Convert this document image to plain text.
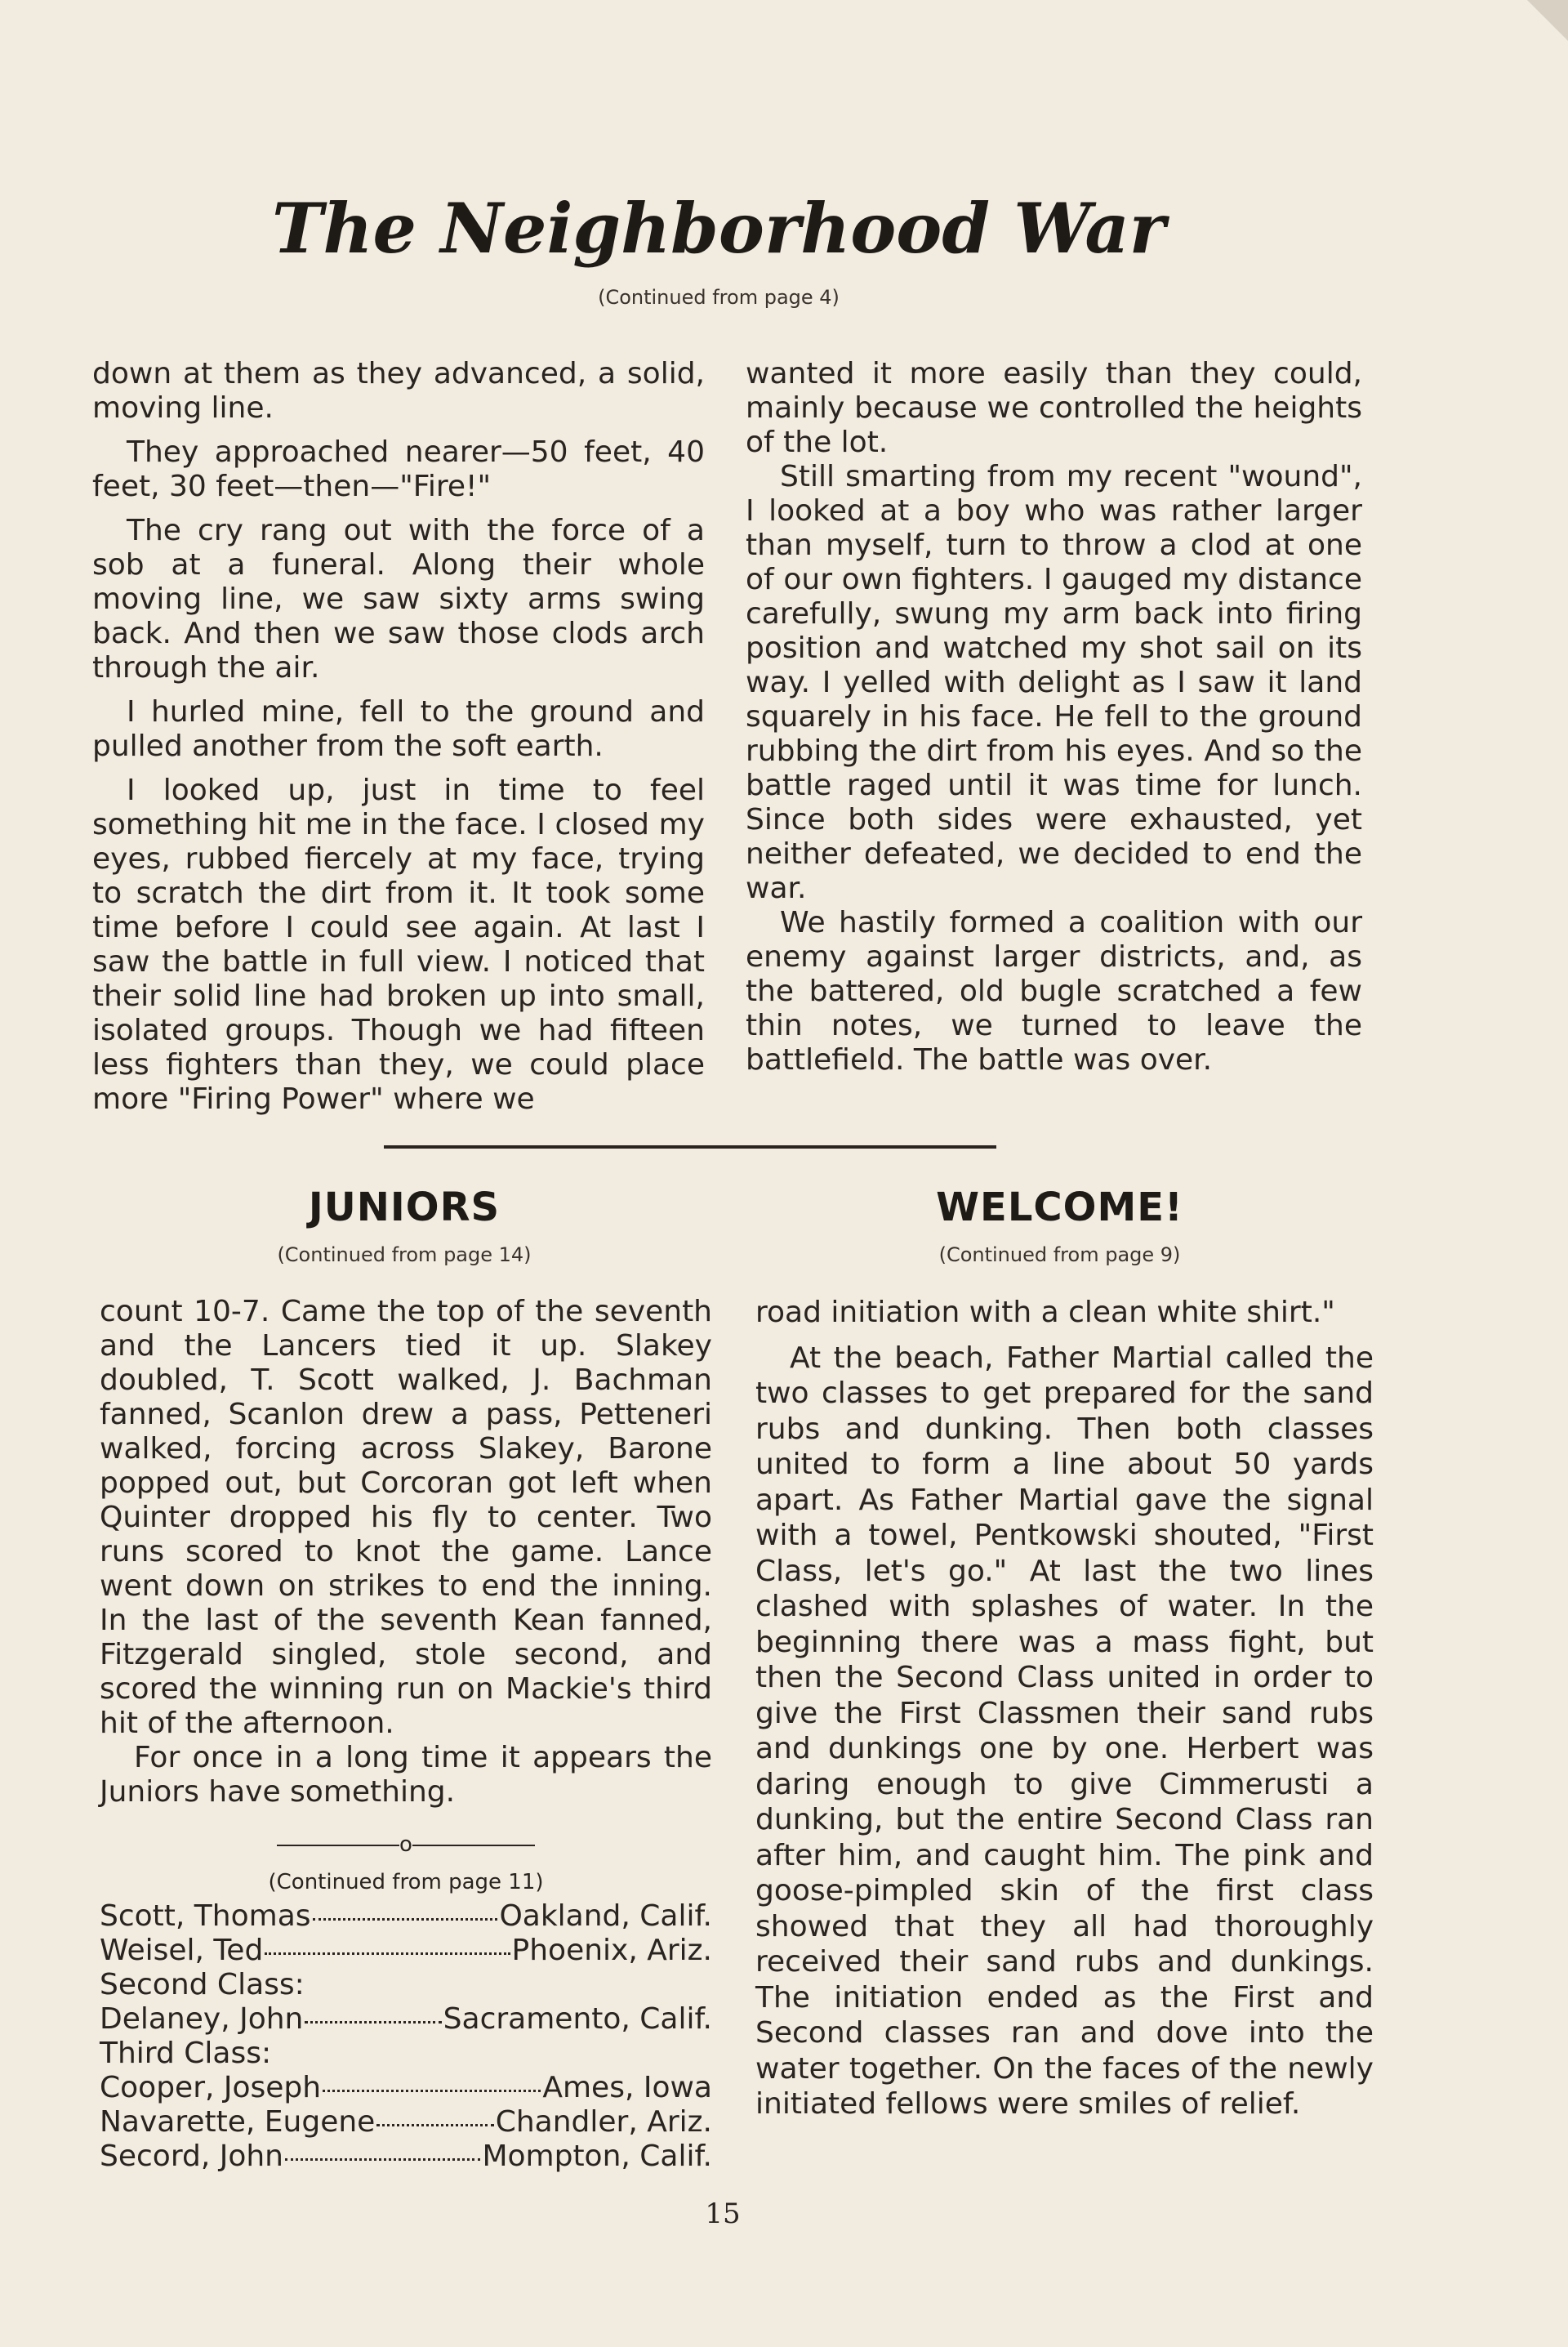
The Neighborhood War

(Continued from page 4)

down at them as they advanced, a solid, moving line.

They approached nearer—50 feet, 40 feet, 30 feet—then—"Fire!"

The cry rang out with the force of a sob at a funeral. Along their whole moving line, we saw sixty arms swing back. And then we saw those clods arch through the air.

I hurled mine, fell to the ground and pulled another from the soft earth.

I looked up, just in time to feel something hit me in the face. I closed my eyes, rubbed fiercely at my face, trying to scratch the dirt from it. It took some time before I could see again. At last I saw the battle in full view. I noticed that their solid line had broken up into small, isolated groups. Though we had fifteen less fighters than they, we could place more "Firing Power" where we

wanted it more easily than they could, mainly because we controlled the heights of the lot.

Still smarting from my recent "wound", I looked at a boy who was rather larger than myself, turn to throw a clod at one of our own fighters. I gauged my distance carefully, swung my arm back into firing position and watched my shot sail on its way. I yelled with delight as I saw it land squarely in his face. He fell to the ground rubbing the dirt from his eyes. And so the battle raged until it was time for lunch. Since both sides were exhausted, yet neither defeated, we decided to end the war.

We hastily formed a coalition with our enemy against larger districts, and, as the battered, old bugle scratched a few thin notes, we turned to leave the battlefield. The battle was over.

JUNIORS

(Continued from page 14)

WELCOME!

(Continued from page 9)

count 10-7. Came the top of the seventh and the Lancers tied it up. Slakey doubled, T. Scott walked, J. Bachman fanned, Scanlon drew a pass, Petteneri walked, forcing across Slakey, Barone popped out, but Corcoran got left when Quinter dropped his fly to center. Two runs scored to knot the game. Lance went down on strikes to end the inning. In the last of the seventh Kean fanned, Fitzgerald singled, stole second, and scored the winning run on Mackie's third hit of the afternoon.

For once in a long time it appears the Juniors have something.

o

(Continued from page 11)

Scott, Thomas	Oakland, Calif.
Weisel, Ted	Phoenix, Ariz.

Second Class:

Delaney, John	Sacramento, Calif.

Third Class:

Cooper, Joseph	Ames, Iowa
Navarette, Eugene	Chandler, Ariz.
Secord, John	Mompton, Calif.

road initiation with a clean white shirt."

At the beach, Father Martial called the two classes to get prepared for the sand rubs and dunking. Then both classes united to form a line about 50 yards apart. As Father Martial gave the signal with a towel, Pentkowski shouted, "First Class, let's go." At last the two lines clashed with splashes of water. In the beginning there was a mass fight, but then the Second Class united in order to give the First Classmen their sand rubs and dunkings one by one. Herbert was daring enough to give Cimmerusti a dunking, but the entire Second Class ran after him, and caught him. The pink and goose-pimpled skin of the first class showed that they all had thoroughly received their sand rubs and dunkings. The initiation ended as the First and Second classes ran and dove into the water together. On the faces of the newly initiated fellows were smiles of relief.

15
